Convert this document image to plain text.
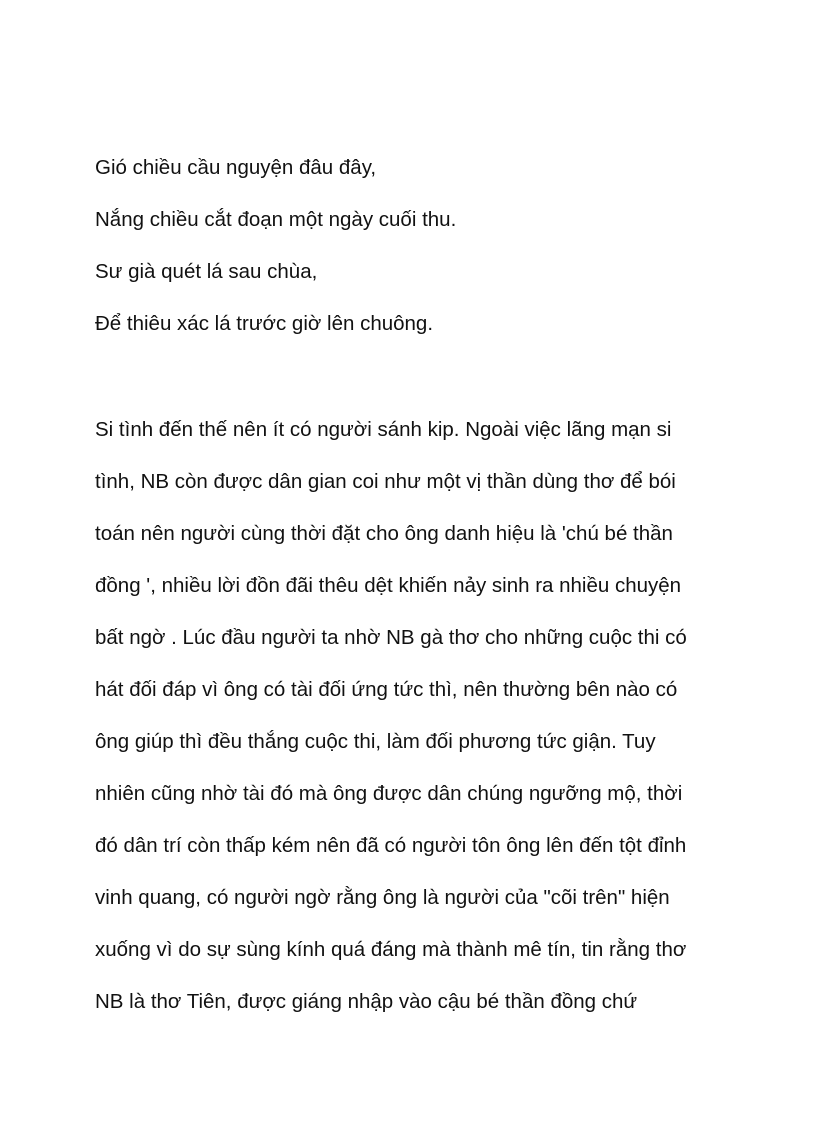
Gió chiều cầu nguyện đâu đây,

Nắng chiều cắt đoạn một ngày cuối thu.

Sư già quét lá sau chùa,

Để thiêu xác lá trước giờ lên chuông.

Si tình đến thế nên ít có người sánh kip. Ngoài việc lãng mạn si

tình, NB còn được dân gian coi như một vị thần dùng thơ để bói

toán nên người cùng thời đặt cho ông danh hiệu là 'chú bé thần

đồng ', nhiều lời đồn đãi thêu dệt khiến nảy sinh ra nhiều chuyện

bất ngờ . Lúc đầu người ta nhờ NB gà thơ cho những cuộc thi có

hát đối đáp vì ông có tài đối ứng tức thì, nên thường bên nào có

ông giúp thì đều thắng cuộc thi, làm đối phương tức giận. Tuy

nhiên cũng nhờ tài đó mà ông được dân chúng ngưỡng mộ, thời

đó dân trí còn thấp kém nên đã có người tôn ông lên đến tột đỉnh

vinh quang, có người ngờ rằng ông là người của "cõi trên" hiện

xuống vì do sự sùng kính quá đáng mà thành mê tín, tin rằng thơ

NB là thơ Tiên, được giáng nhập vào cậu bé thần đồng chứ
